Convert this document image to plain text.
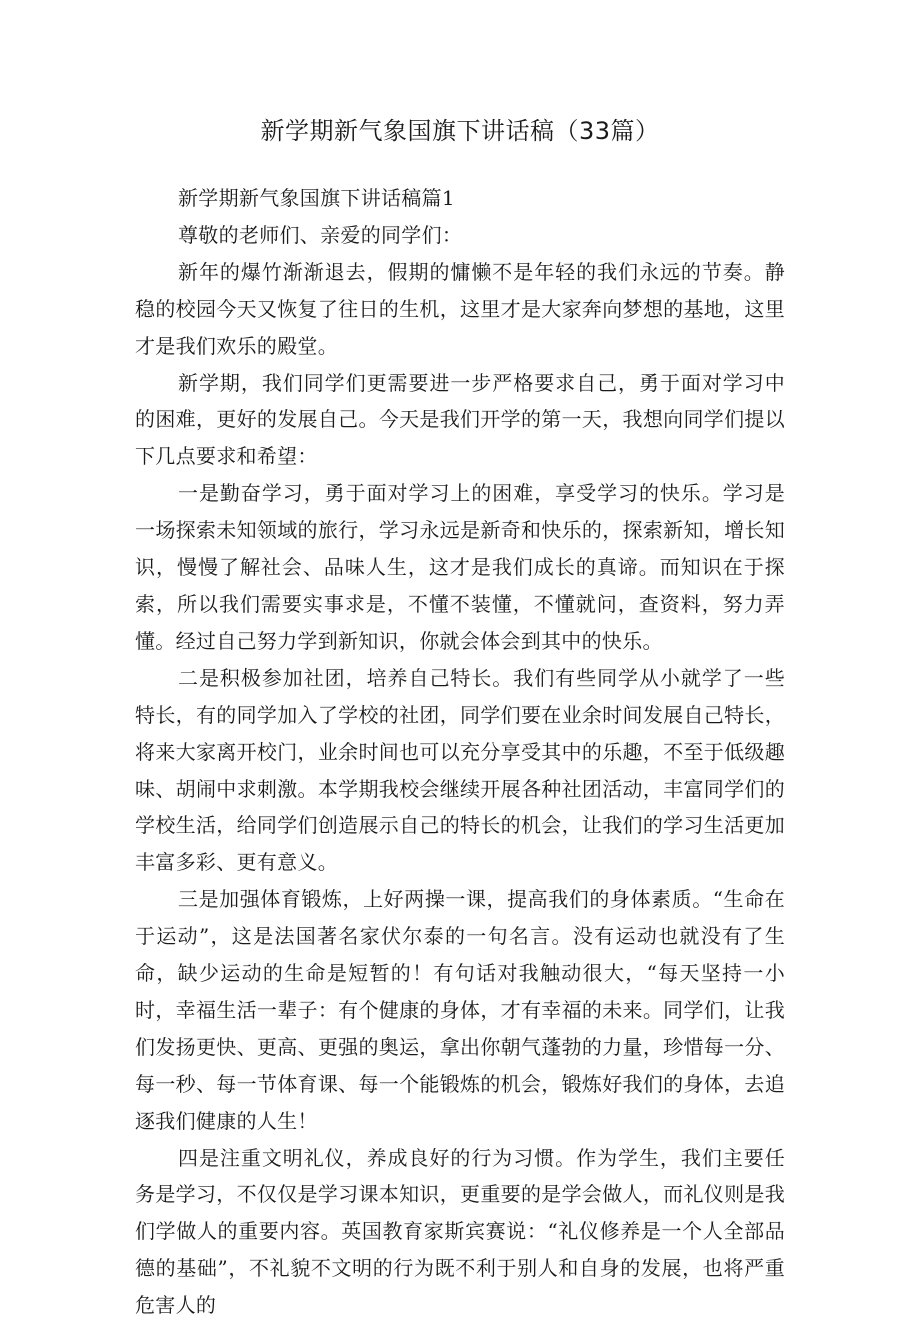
新学期新气象国旗下讲话稿（33篇）

新学期新气象国旗下讲话稿篇1

尊敬的老师们、亲爱的同学们：

新年的爆竹渐渐退去，假期的慵懒不是年轻的我们永远的节奏。静稳的校园今天又恢复了往日的生机，这里才是大家奔向梦想的基地，这里才是我们欢乐的殿堂。

新学期，我们同学们更需要进一步严格要求自己，勇于面对学习中的困难，更好的发展自己。今天是我们开学的第一天，我想向同学们提以下几点要求和希望：

一是勤奋学习，勇于面对学习上的困难，享受学习的快乐。学习是一场探索未知领域的旅行，学习永远是新奇和快乐的，探索新知，增长知识，慢慢了解社会、品味人生，这才是我们成长的真谛。而知识在于探索，所以我们需要实事求是，不懂不装懂，不懂就问，查资料，努力弄懂。经过自己努力学到新知识，你就会体会到其中的快乐。

二是积极参加社团，培养自己特长。我们有些同学从小就学了一些特长，有的同学加入了学校的社团，同学们要在业余时间发展自己特长，将来大家离开校门，业余时间也可以充分享受其中的乐趣，不至于低级趣味、胡闹中求刺激。本学期我校会继续开展各种社团活动，丰富同学们的学校生活，给同学们创造展示自己的特长的机会，让我们的学习生活更加丰富多彩、更有意义。

三是加强体育锻炼，上好两操一课，提高我们的身体素质。“生命在于运动”，这是法国著名家伏尔泰的一句名言。没有运动也就没有了生命，缺少运动的生命是短暂的！有句话对我触动很大，“每天坚持一小时，幸福生活一辈子：有个健康的身体，才有幸福的未来。同学们，让我们发扬更快、更高、更强的奥运，拿出你朝气蓬勃的力量，珍惜每一分、每一秒、每一节体育课、每一个能锻炼的机会，锻炼好我们的身体，去追逐我们健康的人生！

四是注重文明礼仪，养成良好的行为习惯。作为学生，我们主要任务是学习，不仅仅是学习课本知识，更重要的是学会做人，而礼仪则是我们学做人的重要内容。英国教育家斯宾赛说：“礼仪修养是一个人全部品德的基础”，不礼貌不文明的行为既不利于别人和自身的发展，也将严重危害人的
